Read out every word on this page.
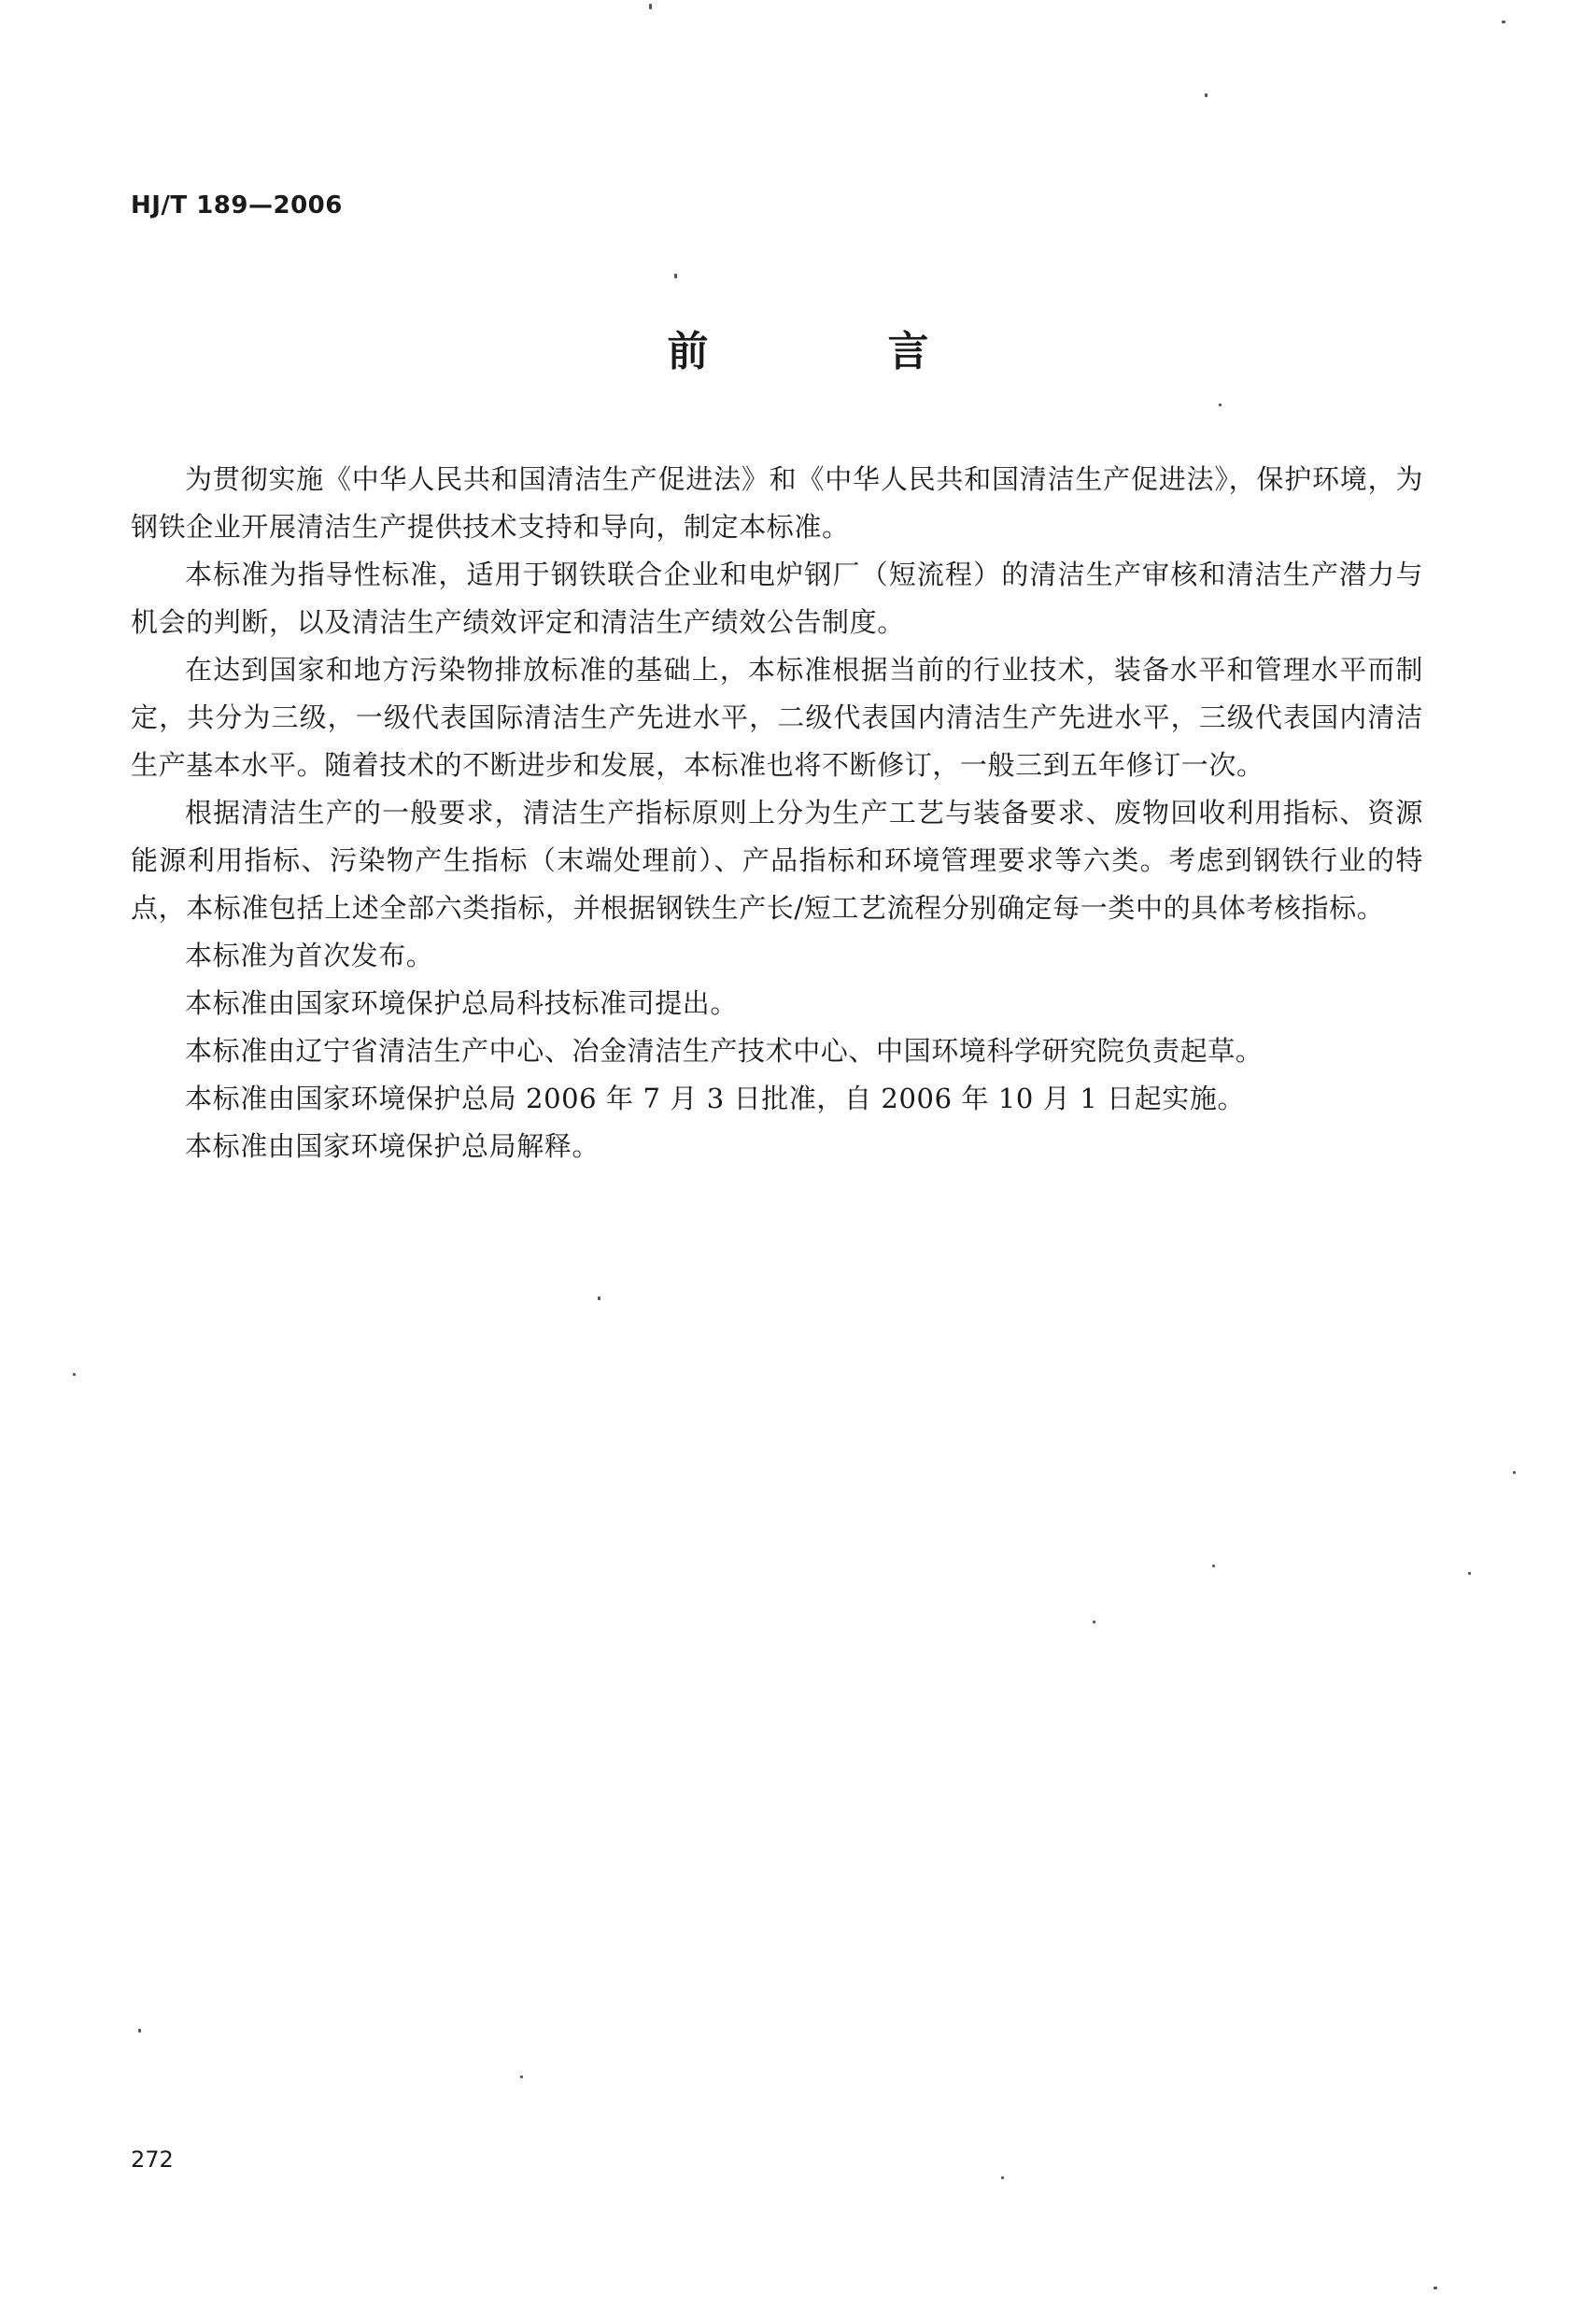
HJ/T 189—2006
前　言

为贯彻实施《中华人民共和国清洁生产促进法》和《中华人民共和国清洁生产促进法》，保护环境，为钢铁企业开展清洁生产提供技术支持和导向，制定本标准。

本标准为指导性标准，适用于钢铁联合企业和电炉钢厂（短流程）的清洁生产审核和清洁生产潜力与机会的判断，以及清洁生产绩效评定和清洁生产绩效公告制度。

在达到国家和地方污染物排放标准的基础上，本标准根据当前的行业技术，装备水平和管理水平而制定，共分为三级，一级代表国际清洁生产先进水平，二级代表国内清洁生产先进水平，三级代表国内清洁生产基本水平。随着技术的不断进步和发展，本标准也将不断修订，一般三到五年修订一次。

根据清洁生产的一般要求，清洁生产指标原则上分为生产工艺与装备要求、废物回收利用指标、资源能源利用指标、污染物产生指标（末端处理前）、产品指标和环境管理要求等六类。考虑到钢铁行业的特点，本标准包括上述全部六类指标，并根据钢铁生产长/短工艺流程分别确定每一类中的具体考核指标。

本标准为首次发布。

本标准由国家环境保护总局科技标准司提出。

本标准由辽宁省清洁生产中心、冶金清洁生产技术中心、中国环境科学研究院负责起草。

本标准由国家环境保护总局 2006 年 7 月 3 日批准，自 2006 年 10 月 1 日起实施。

本标准由国家环境保护总局解释。

272
